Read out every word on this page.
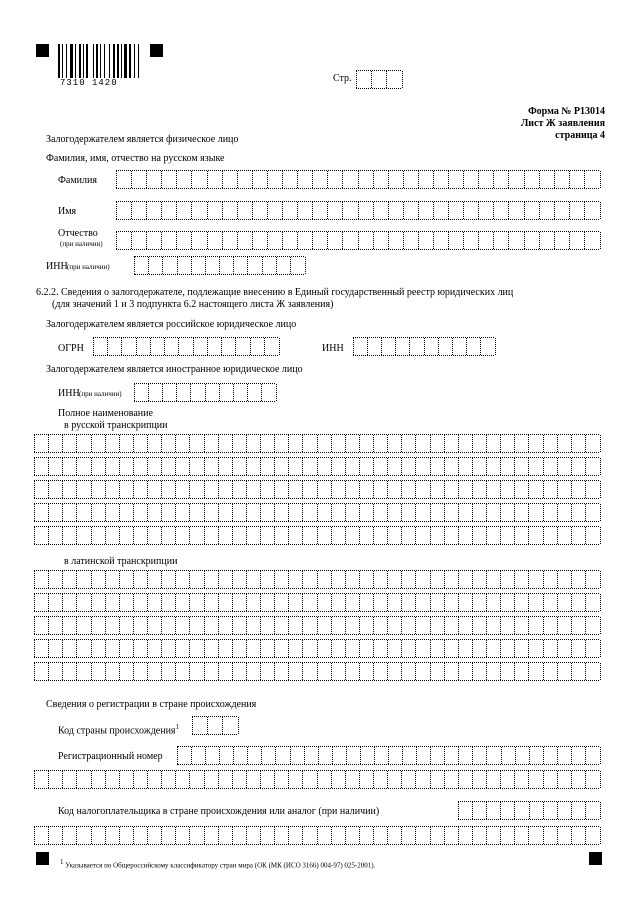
7310 1420	Стр.
Форма № Р13014
Лист Ж заявления
страница 4
Залогодержателем является физическое лицо
Фамилия, имя, отчество на русском языке
Фамилия
Имя
Отчество
(при наличии)
ИНН (при наличии)
6.2.2. Сведения о залогодержателе, подлежащие внесению в Единый государственный реестр юридических лиц
(для значений 1 и 3 подпункта 6.2 настоящего листа Ж заявления)
Залогодержателем является российское юридическое лицо
ОГРН	ИНН
Залогодержателем является иностранное юридическое лицо
ИНН (при наличии)
Полное наименование
в русской транскрипции
в латинской транскрипции
Сведения о регистрации в стране происхождения
Код страны происхождения$^1$
Регистрационный номер
Код налогоплательщика в стране происхождения или аналог (при наличии)
$^1$ Указывается по Общероссийскому классификатору стран мира (ОК (МК (ИСО 3166) 004-97) 025-2001).
